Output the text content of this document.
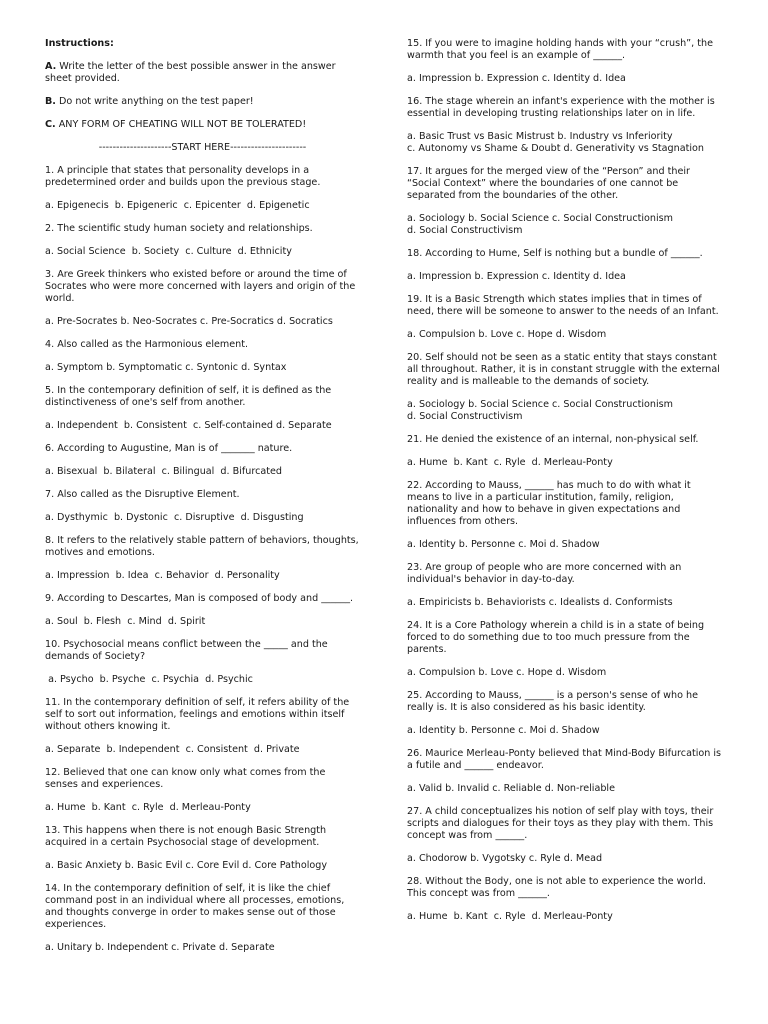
Instructions:
A. Write the letter of the best possible answer in the answer sheet provided.
B. Do not write anything on the test paper!
C. ANY FORM OF CHEATING WILL NOT BE TOLERATED!
---------------------START HERE----------------------
1. A principle that states that personality develops in a predetermined order and builds upon the previous stage.
a. Epigenecis  b. Epigeneric  c. Epicenter  d. Epigenetic
2. The scientific study human society and relationships.
a. Social Science  b. Society  c. Culture  d. Ethnicity
3. Are Greek thinkers who existed before or around the time of Socrates who were more concerned with layers and origin of the world.
a. Pre-Socrates b. Neo-Socrates c. Pre-Socratics d. Socratics
4. Also called as the Harmonious element.
a. Symptom b. Symptomatic c. Syntonic d. Syntax
5. In the contemporary definition of self, it is defined as the distinctiveness of one's self from another.
a. Independent  b. Consistent  c. Self-contained d. Separate
6. According to Augustine, Man is of _______ nature.
a. Bisexual  b. Bilateral  c. Bilingual  d. Bifurcated
7. Also called as the Disruptive Element.
a. Dysthymic  b. Dystonic  c. Disruptive  d. Disgusting
8. It refers to the relatively stable pattern of behaviors, thoughts, motives and emotions.
a. Impression  b. Idea  c. Behavior  d. Personality
9. According to Descartes, Man is composed of body and ______.
a. Soul  b. Flesh  c. Mind  d. Spirit
10. Psychosocial means conflict between the _____ and the demands of Society?
a. Psycho  b. Psyche  c. Psychia  d. Psychic
11. In the contemporary definition of self, it refers ability of the self to sort out information, feelings and emotions within itself without others knowing it.
a. Separate  b. Independent  c. Consistent  d. Private
12. Believed that one can know only what comes from the senses and experiences.
a. Hume  b. Kant  c. Ryle  d. Merleau-Ponty
13. This happens when there is not enough Basic Strength acquired in a certain Psychosocial stage of development.
a. Basic Anxiety b. Basic Evil c. Core Evil d. Core Pathology
14. In the contemporary definition of self, it is like the chief command post in an individual where all processes, emotions, and thoughts converge in order to makes sense out of those experiences.
a. Unitary b. Independent c. Private d. Separate
15. If you were to imagine holding hands with your “crush”, the warmth that you feel is an example of ______.
a. Impression b. Expression c. Identity d. Idea
16. The stage wherein an infant's experience with the mother is essential in developing trusting relationships later on in life.
a. Basic Trust vs Basic Mistrust b. Industry vs Inferiority
c. Autonomy vs Shame & Doubt d. Generativity vs Stagnation
17. It argues for the merged view of the “Person” and their “Social Context” where the boundaries of one cannot be separated from the boundaries of the other.
a. Sociology b. Social Science c. Social Constructionism
d. Social Constructivism
18. According to Hume, Self is nothing but a bundle of ______.
a. Impression b. Expression c. Identity d. Idea
19. It is a Basic Strength which states implies that in times of need, there will be someone to answer to the needs of an Infant.
a. Compulsion b. Love c. Hope d. Wisdom
20. Self should not be seen as a static entity that stays constant all throughout. Rather, it is in constant struggle with the external reality and is malleable to the demands of society.
a. Sociology b. Social Science c. Social Constructionism
d. Social Constructivism
21. He denied the existence of an internal, non-physical self.
a. Hume  b. Kant  c. Ryle  d. Merleau-Ponty
22. According to Mauss, ______ has much to do with what it means to live in a particular institution, family, religion, nationality and how to behave in given expectations and influences from others.
a. Identity b. Personne c. Moi d. Shadow
23. Are group of people who are more concerned with an individual's behavior in day-to-day.
a. Empiricists b. Behaviorists c. Idealists d. Conformists
24. It is a Core Pathology wherein a child is in a state of being forced to do something due to too much pressure from the parents.
a. Compulsion b. Love c. Hope d. Wisdom
25. According to Mauss, ______ is a person's sense of who he really is. It is also considered as his basic identity.
a. Identity b. Personne c. Moi d. Shadow
26. Maurice Merleau-Ponty believed that Mind-Body Bifurcation is a futile and ______ endeavor.
a. Valid b. Invalid c. Reliable d. Non-reliable
27. A child conceptualizes his notion of self play with toys, their scripts and dialogues for their toys as they play with them. This concept was from ______.
a. Chodorow b. Vygotsky c. Ryle d. Mead
28. Without the Body, one is not able to experience the world. This concept was from ______.
a. Hume  b. Kant  c. Ryle  d. Merleau-Ponty
